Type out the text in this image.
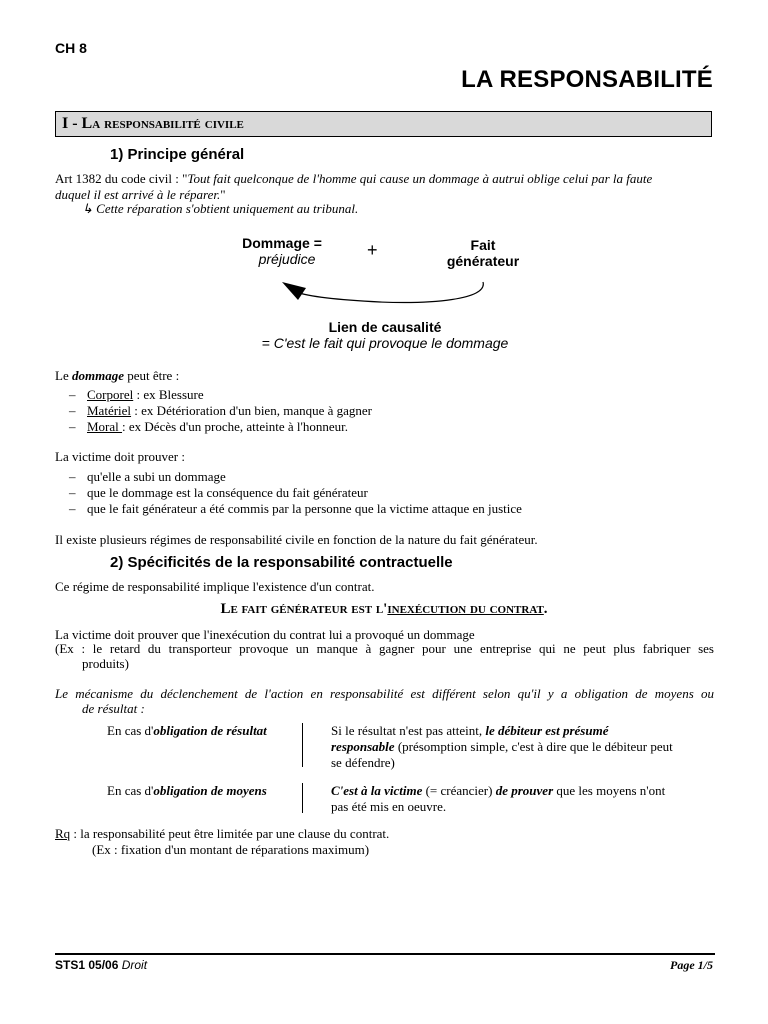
CH 8
LA RESPONSABILITÉ
I - La responsabilité civile
1) Principe général
Art 1382 du code civil : "Tout fait quelconque de l'homme qui cause un dommage à autrui oblige celui par la faute
duquel il est arrivé à le réparer."
↳ Cette réparation s'obtient uniquement au tribunal.
Dommage =
préjudice	+	Fait
générateur
Lien de causalité
= C'est le fait qui provoque le dommage
Le dommage peut être :
– Corporel : ex Blessure
– Matériel : ex Détérioration d'un bien, manque à gagner
– Moral : ex Décès d'un proche, atteinte à l'honneur.
La victime doit prouver :
– qu'elle a subi un dommage
– que le dommage est la conséquence du fait générateur
– que le fait générateur a été commis par la personne que la victime attaque en justice
Il existe plusieurs régimes de responsabilité civile en fonction de la nature du fait générateur.
2) Spécificités de la responsabilité contractuelle
Ce régime de responsabilité implique l'existence d'un contrat.
Le fait générateur est l'inexécution du contrat.
La victime doit prouver que l'inexécution du contrat lui a provoqué un dommage
(Ex : le retard du transporteur provoque un manque à gagner pour une entreprise qui ne peut plus fabriquer ses
produits)
Le mécanisme du déclenchement de l'action en responsabilité est différent selon qu'il y a obligation de moyens ou
de résultat :
En cas d'obligation de résultat	Si le résultat n'est pas atteint, le débiteur est présumé
responsable (présomption simple, c'est à dire que le débiteur peut
se défendre)
En cas d'obligation de moyens	C'est à la victime (= créancier) de prouver que les moyens n'ont
pas été mis en oeuvre.
Rq : la responsabilité peut être limitée par une clause du contrat.
(Ex : fixation d'un montant de réparations maximum)
STS1 05/06 Droit	Page 1/5
